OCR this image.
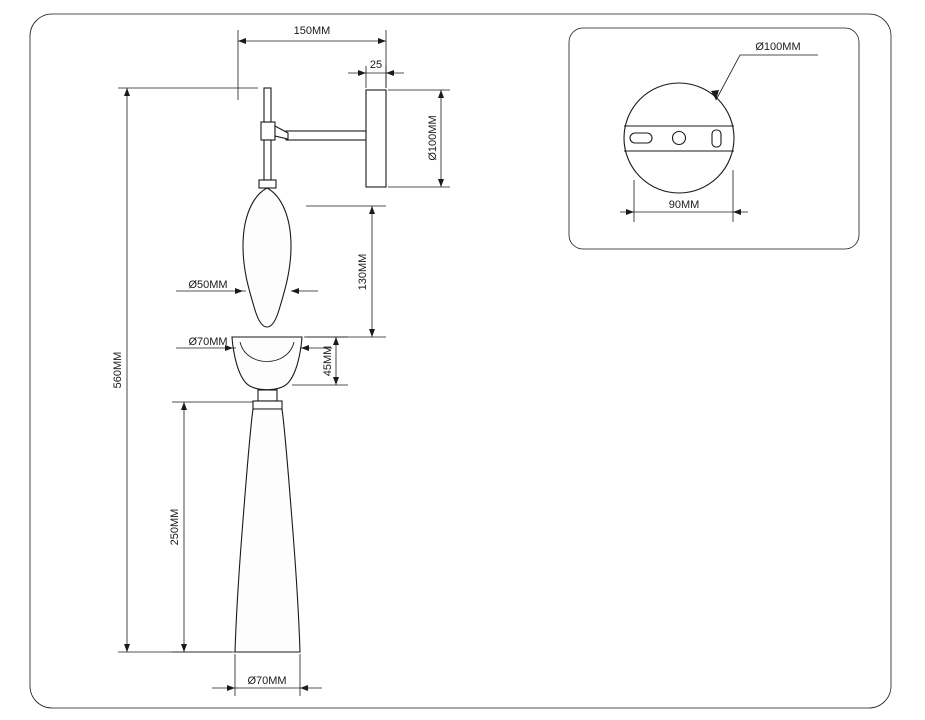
150MM
25
Ø100MM
130MM
560MM
Ø50MM
Ø70MM
45MM
250MM
Ø70MM
Ø100MM
90MM
